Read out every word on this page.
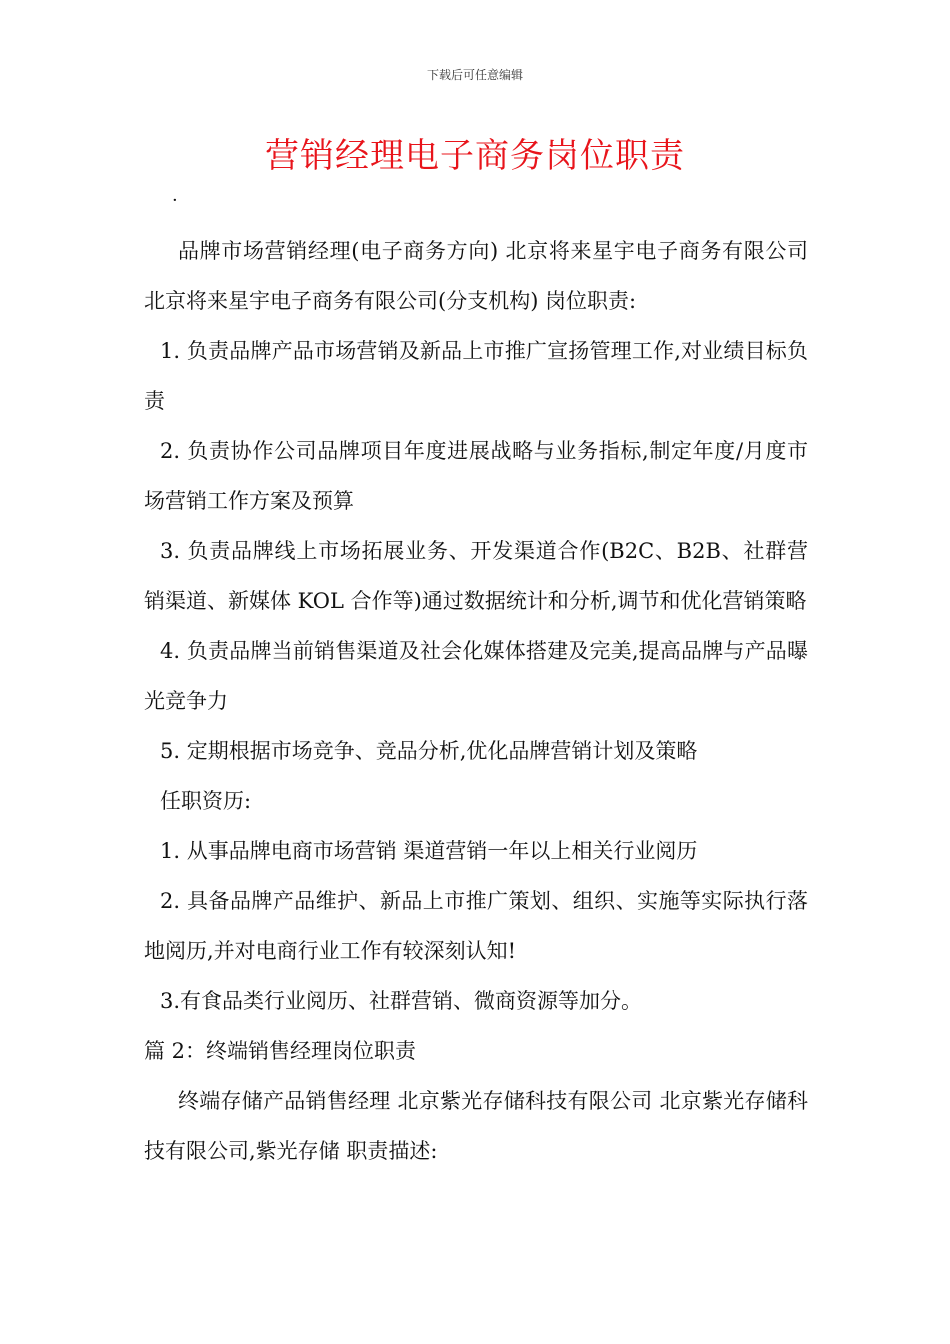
下载后可任意编辑
营销经理电子商务岗位职责
·

品牌市场营销经理(电子商务方向) 北京将来星宇电子商务有限公司 北京将来星宇电子商务有限公司(分支机构) 岗位职责:

1. 负责品牌产品市场营销及新品上市推广宣扬管理工作,对业绩目标负责

2. 负责协作公司品牌项目年度进展战略与业务指标,制定年度/月度市场营销工作方案及预算

3. 负责品牌线上市场拓展业务、开发渠道合作(B2C、B2B、社群营销渠道、新媒体 KOL 合作等)通过数据统计和分析,调节和优化营销策略

4. 负责品牌当前销售渠道及社会化媒体搭建及完美,提高品牌与产品曝光竞争力

5. 定期根据市场竞争、竞品分析,优化品牌营销计划及策略

任职资历:

1. 从事品牌电商市场营销 渠道营销一年以上相关行业阅历

2. 具备品牌产品维护、新品上市推广策划、组织、实施等实际执行落地阅历,并对电商行业工作有较深刻认知!

3.有食品类行业阅历、社群营销、微商资源等加分。

篇 2：终端销售经理岗位职责

终端存储产品销售经理 北京紫光存储科技有限公司 北京紫光存储科技有限公司,紫光存储 职责描述:
